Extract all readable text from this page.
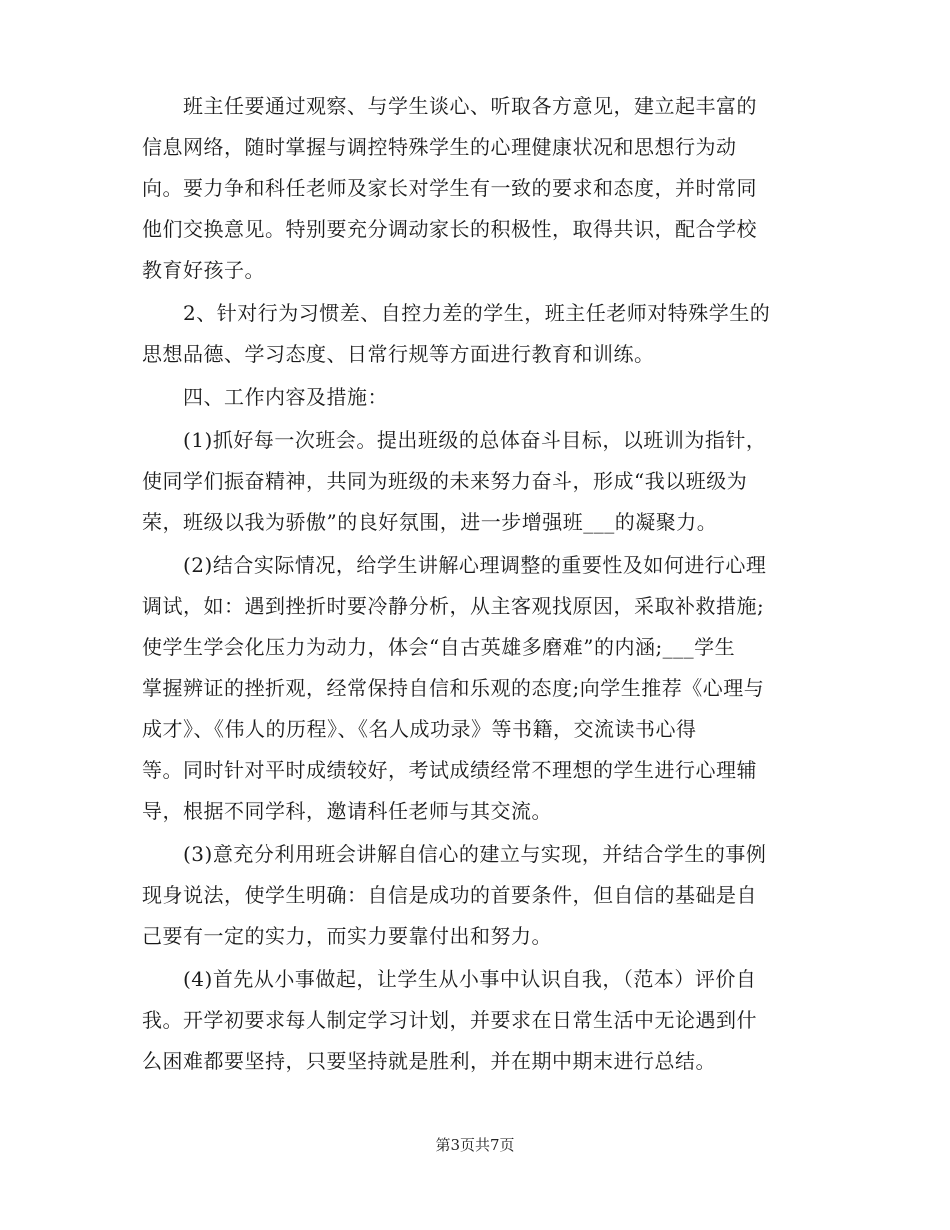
班主任要通过观察、与学生谈心、听取各方意见，建立起丰富的
信息网络，随时掌握与调控特殊学生的心理健康状况和思想行为动
向。要力争和科任老师及家长对学生有一致的要求和态度，并时常同
他们交换意见。特别要充分调动家长的积极性，取得共识，配合学校
教育好孩子。

2、针对行为习惯差、自控力差的学生，班主任老师对特殊学生的
思想品德、学习态度、日常行规等方面进行教育和训练。

四、工作内容及措施：

(1)抓好每一次班会。提出班级的总体奋斗目标，以班训为指针，
使同学们振奋精神，共同为班级的未来努力奋斗，形成“我以班级为
荣，班级以我为骄傲”的良好氛围，进一步增强班___的凝聚力。

(2)结合实际情况，给学生讲解心理调整的重要性及如何进行心理
调试，如：遇到挫折时要冷静分析，从主客观找原因，采取补救措施;
使学生学会化压力为动力，体会“自古英雄多磨难”的内涵;___学生
掌握辨证的挫折观，经常保持自信和乐观的态度;向学生推荐《心理与
成才》、《伟人的历程》、《名人成功录》等书籍，交流读书心得
等。同时针对平时成绩较好，考试成绩经常不理想的学生进行心理辅
导，根据不同学科，邀请科任老师与其交流。

(3)意充分利用班会讲解自信心的建立与实现，并结合学生的事例
现身说法，使学生明确：自信是成功的首要条件，但自信的基础是自
己要有一定的实力，而实力要靠付出和努力。

(4)首先从小事做起，让学生从小事中认识自我，（范本）评价自
我。开学初要求每人制定学习计划，并要求在日常生活中无论遇到什
么困难都要坚持，只要坚持就是胜利，并在期中期末进行总结。

第3页共7页
